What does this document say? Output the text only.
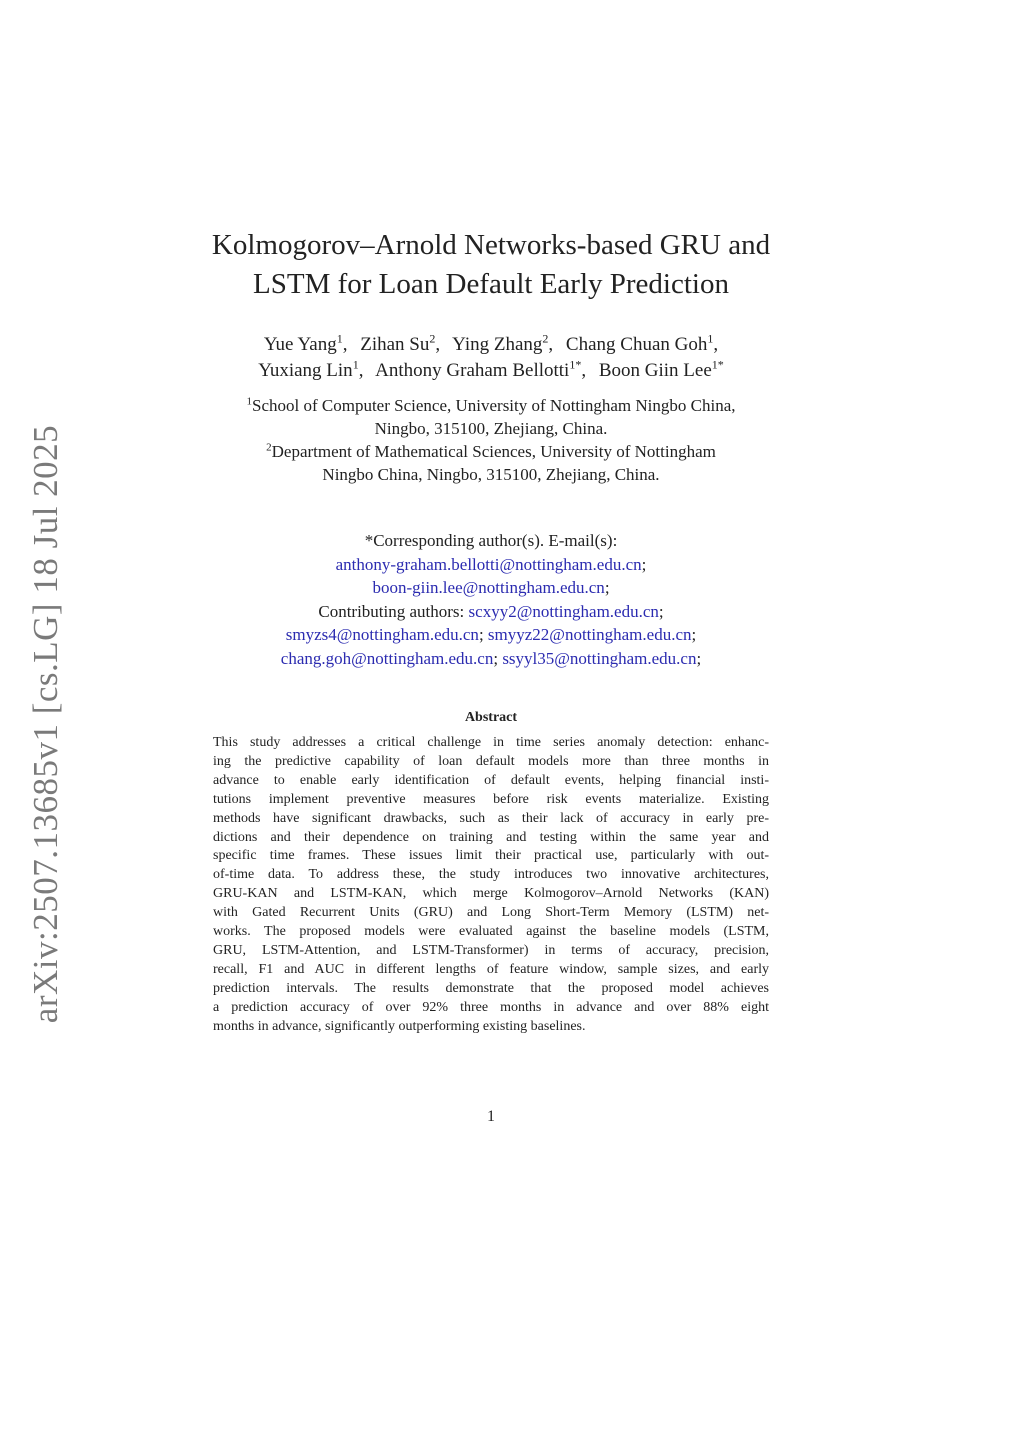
arXiv:2507.13685v1 [cs.LG] 18 Jul 2025
Kolmogorov–Arnold Networks-based GRU and
LSTM for Loan Default Early Prediction
Yue Yang$^1$, Zihan Su$^2$, Ying Zhang$^2$, Chang Chuan Goh$^1$,
Yuxiang Lin$^1$, Anthony Graham Bellotti$^{1*}$, Boon Giin Lee$^{1*}$
$^1$School of Computer Science, University of Nottingham Ningbo China,
Ningbo, 315100, Zhejiang, China.
$^2$Department of Mathematical Sciences, University of Nottingham
Ningbo China, Ningbo, 315100, Zhejiang, China.
*Corresponding author(s). E-mail(s):
anthony-graham.bellotti@nottingham.edu.cn;
boon-giin.lee@nottingham.edu.cn;
Contributing authors: scxyy2@nottingham.edu.cn;
smyzs4@nottingham.edu.cn; smyyz22@nottingham.edu.cn;
chang.goh@nottingham.edu.cn; ssyyl35@nottingham.edu.cn;
Abstract
This study addresses a critical challenge in time series anomaly detection: enhanc-
ing the predictive capability of loan default models more than three months in
advance to enable early identification of default events, helping financial insti-
tutions implement preventive measures before risk events materialize. Existing
methods have significant drawbacks, such as their lack of accuracy in early pre-
dictions and their dependence on training and testing within the same year and
specific time frames. These issues limit their practical use, particularly with out-
of-time data. To address these, the study introduces two innovative architectures,
GRU-KAN and LSTM-KAN, which merge Kolmogorov–Arnold Networks (KAN)
with Gated Recurrent Units (GRU) and Long Short-Term Memory (LSTM) net-
works. The proposed models were evaluated against the baseline models (LSTM,
GRU, LSTM-Attention, and LSTM-Transformer) in terms of accuracy, precision,
recall, F1 and AUC in different lengths of feature window, sample sizes, and early
prediction intervals. The results demonstrate that the proposed model achieves
a prediction accuracy of over 92% three months in advance and over 88% eight
months in advance, significantly outperforming existing baselines.
1
